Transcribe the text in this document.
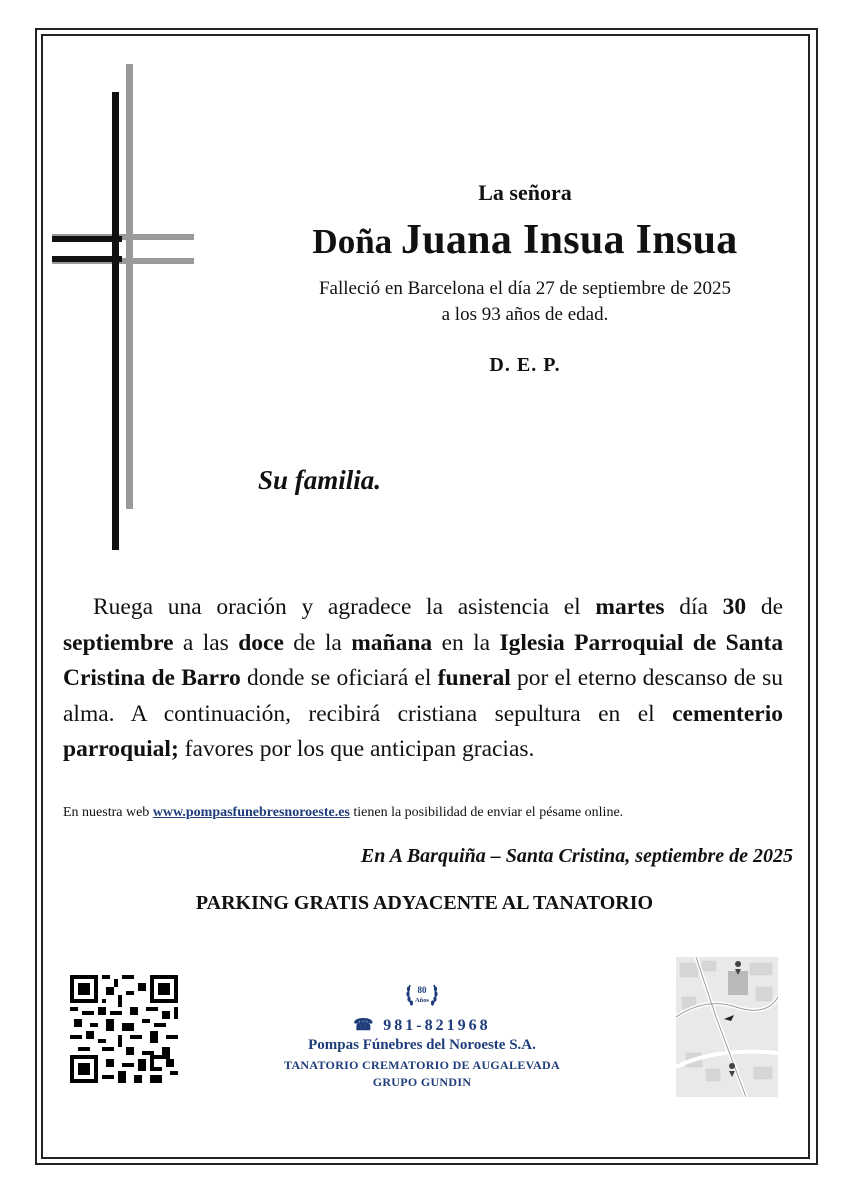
La señora
Doña Juana Insua Insua
Falleció en Barcelona el día 27 de septiembre de 2025
a los 93 años de edad.
D. E. P.
Su familia.
Ruega una oración y agradece la asistencia el martes día 30 de septiembre a las doce de la mañana en la Iglesia Parroquial de Santa Cristina de Barro donde se oficiará el funeral por el eterno descanso de su alma. A continuación, recibirá cristiana sepultura en el cementerio parroquial; favores por los que anticipan gracias.
En nuestra web www.pompasfunebresnoroeste.es tienen la posibilidad de enviar el pésame online.
En A Barquiña – Santa Cristina, septiembre de 2025
PARKING GRATIS ADYACENTE AL TANATORIO
80
Años
☎ 981-821968
Pompas Fúnebres del Noroeste S.A.
TANATORIO CREMATORIO DE AUGALEVADA
GRUPO GUNDIN
